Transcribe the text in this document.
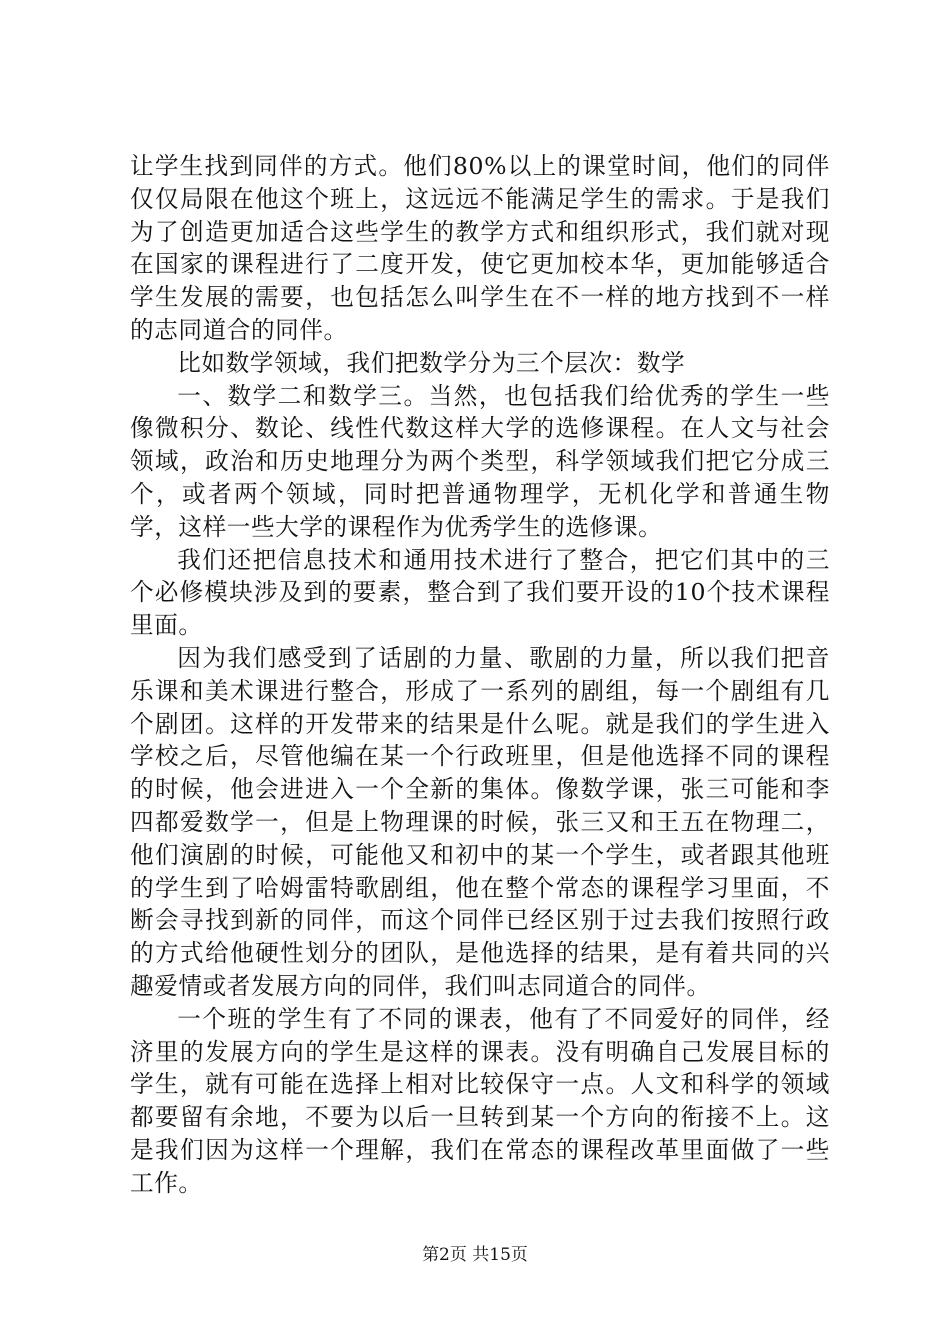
让学生找到同伴的方式。他们80%以上的课堂时间，他们的同伴仅仅局限在他这个班上，这远远不能满足学生的需求。于是我们为了创造更加适合这些学生的教学方式和组织形式，我们就对现在国家的课程进行了二度开发，使它更加校本华，更加能够适合学生发展的需要，也包括怎么叫学生在不一样的地方找到不一样的志同道合的同伴。

比如数学领域，我们把数学分为三个层次：数学

一、数学二和数学三。当然，也包括我们给优秀的学生一些像微积分、数论、线性代数这样大学的选修课程。在人文与社会领域，政治和历史地理分为两个类型，科学领域我们把它分成三个，或者两个领域，同时把普通物理学，无机化学和普通生物学，这样一些大学的课程作为优秀学生的选修课。

我们还把信息技术和通用技术进行了整合，把它们其中的三个必修模块涉及到的要素，整合到了我们要开设的10个技术课程里面。

因为我们感受到了话剧的力量、歌剧的力量，所以我们把音乐课和美术课进行整合，形成了一系列的剧组，每一个剧组有几个剧团。这样的开发带来的结果是什么呢。就是我们的学生进入学校之后，尽管他编在某一个行政班里，但是他选择不同的课程的时候，他会进进入一个全新的集体。像数学课，张三可能和李四都爱数学一，但是上物理课的时候，张三又和王五在物理二，他们演剧的时候，可能他又和初中的某一个学生，或者跟其他班的学生到了哈姆雷特歌剧组，他在整个常态的课程学习里面，不断会寻找到新的同伴，而这个同伴已经区别于过去我们按照行政的方式给他硬性划分的团队，是他选择的结果，是有着共同的兴趣爱情或者发展方向的同伴，我们叫志同道合的同伴。

一个班的学生有了不同的课表，他有了不同爱好的同伴，经济里的发展方向的学生是这样的课表。没有明确自己发展目标的学生，就有可能在选择上相对比较保守一点。人文和科学的领域都要留有余地，不要为以后一旦转到某一个方向的衔接不上。这是我们因为这样一个理解，我们在常态的课程改革里面做了一些工作。

第2页 共15页
